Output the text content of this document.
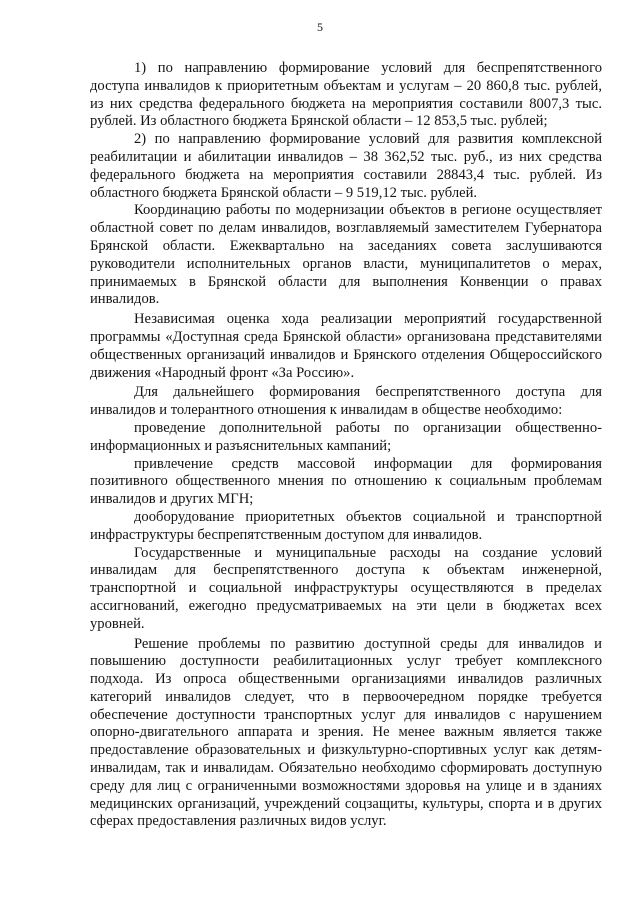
5

1) по направлению формирование условий для беспрепятственного доступа инвалидов к приоритетным объектам и услугам – 20 860,8 тыс. рублей, из них средства федерального бюджета на мероприятия составили 8007,3 тыс. рублей. Из областного бюджета Брянской области – 12 853,5 тыс. рублей;

2) по направлению формирование условий для развития комплексной реабилитации и абилитации инвалидов – 38 362,52 тыс. руб., из них средства федерального бюджета на мероприятия составили 28843,4 тыс. рублей. Из областного бюджета Брянской области – 9 519,12 тыс. рублей.

Координацию работы по модернизации объектов в регионе осуществляет областной совет по делам инвалидов, возглавляемый заместителем Губернатора Брянской области. Ежеквартально на заседаниях совета заслушиваются руководители исполнительных органов власти, муниципалитетов о мерах, принимаемых в Брянской области для выполнения Конвенции о правах инвалидов.

Независимая оценка хода реализации мероприятий государственной программы «Доступная среда Брянской области» организована представителями общественных организаций инвалидов и Брянского отделения Общероссийского движения «Народный фронт «За Россию».

Для дальнейшего формирования беспрепятственного доступа для инвалидов и толерантного отношения к инвалидам в обществе необходимо:

проведение дополнительной работы по организации общественно-информационных и разъяснительных кампаний;

привлечение средств массовой информации для формирования позитивного общественного мнения по отношению к социальным проблемам инвалидов и других МГН;

дооборудование приоритетных объектов социальной и транспортной инфраструктуры беспрепятственным доступом для инвалидов.

Государственные и муниципальные расходы на создание условий инвалидам для беспрепятственного доступа к объектам инженерной, транспортной и социальной инфраструктуры осуществляются в пределах ассигнований, ежегодно предусматриваемых на эти цели в бюджетах всех уровней.

Решение проблемы по развитию доступной среды для инвалидов и повышению доступности реабилитационных услуг требует комплексного подхода. Из опроса общественными организациями инвалидов различных категорий инвалидов следует, что в первоочередном порядке требуется обеспечение доступности транспортных услуг для инвалидов с нарушением опорно-двигательного аппарата и зрения. Не менее важным является также предоставление образовательных и физкультурно-спортивных услуг как детям-инвалидам, так и инвалидам. Обязательно необходимо сформировать доступную среду для лиц с ограниченными возможностями здоровья на улице и в зданиях медицинских организаций, учреждений соцзащиты, культуры, спорта и в других сферах предоставления различных видов услуг.
